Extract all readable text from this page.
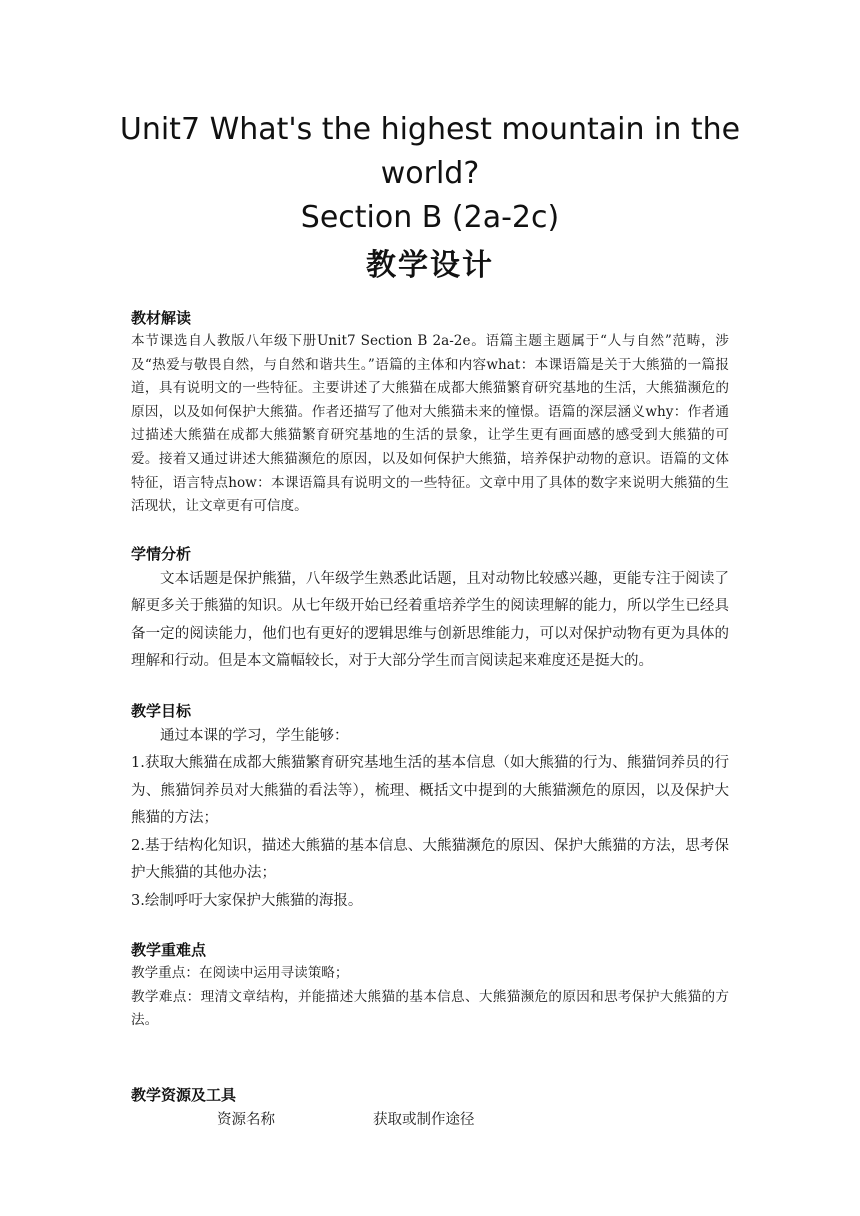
Unit7 What's the highest mountain in the
world?
Section B (2a-2c)
教学设计

教材解读

本节课选自人教版八年级下册Unit7 Section B 2a-2e。语篇主题主题属于“人与自然”范畴，涉及“热爱与敬畏自然，与自然和谐共生。”语篇的主体和内容what：本课语篇是关于大熊猫的一篇报道，具有说明文的一些特征。主要讲述了大熊猫在成都大熊猫繁育研究基地的生活，大熊猫濒危的原因，以及如何保护大熊猫。作者还描写了他对大熊猫未来的憧憬。语篇的深层涵义why：作者通过描述大熊猫在成都大熊猫繁育研究基地的生活的景象，让学生更有画面感的感受到大熊猫的可爱。接着又通过讲述大熊猫濒危的原因，以及如何保护大熊猫，培养保护动物的意识。语篇的文体特征，语言特点how：本课语篇具有说明文的一些特征。文章中用了具体的数字来说明大熊猫的生活现状，让文章更有可信度。

学情分析

文本话题是保护熊猫，八年级学生熟悉此话题，且对动物比较感兴趣，更能专注于阅读了解更多关于熊猫的知识。从七年级开始已经着重培养学生的阅读理解的能力，所以学生已经具备一定的阅读能力，他们也有更好的逻辑思维与创新思维能力，可以对保护动物有更为具体的理解和行动。但是本文篇幅较长，对于大部分学生而言阅读起来难度还是挺大的。

教学目标

通过本课的学习，学生能够：

1.获取大熊猫在成都大熊猫繁育研究基地生活的基本信息（如大熊猫的行为、熊猫饲养员的行为、熊猫饲养员对大熊猫的看法等），梳理、概括文中提到的大熊猫濒危的原因，以及保护大熊猫的方法；

2.基于结构化知识，描述大熊猫的基本信息、大熊猫濒危的原因、保护大熊猫的方法，思考保护大熊猫的其他办法；

3.绘制呼吁大家保护大熊猫的海报。

教学重难点

教学重点：在阅读中运用寻读策略；

教学难点：理清文章结构，并能描述大熊猫的基本信息、大熊猫濒危的原因和思考保护大熊猫的方法。

教学资源及工具

资源名称	获取或制作途径
